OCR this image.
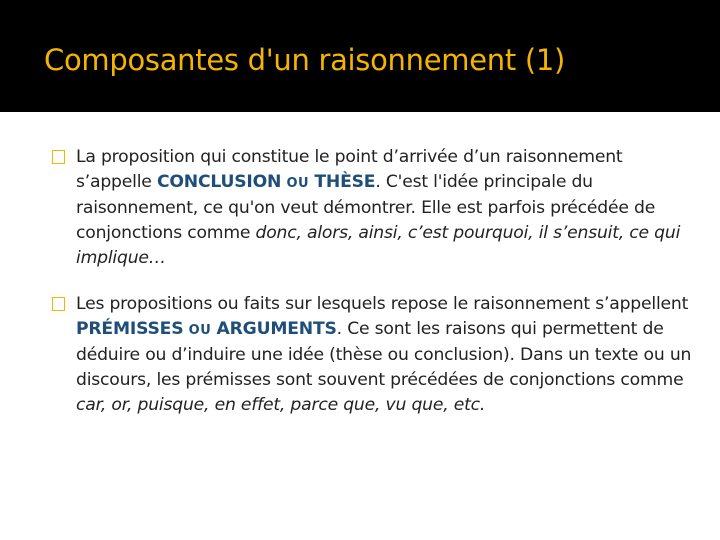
Composantes d'un raisonnement (1)
La proposition qui constitue le point d’arrivée d’un raisonnement s’appelle CONCLUSION OU THÈSE. C'est l'idée principale du raisonnement, ce qu'on veut démontrer. Elle est parfois précédée de conjonctions comme donc, alors, ainsi, c’est pourquoi, il s’ensuit, ce qui implique…
Les propositions ou faits sur lesquels repose le raisonnement s’appellent PRÉMISSES OU ARGUMENTS. Ce sont les raisons qui permettent de déduire ou d’induire une idée (thèse ou conclusion). Dans un texte ou un discours, les prémisses sont souvent précédées de conjonctions comme car, or, puisque, en effet, parce que, vu que, etc.
